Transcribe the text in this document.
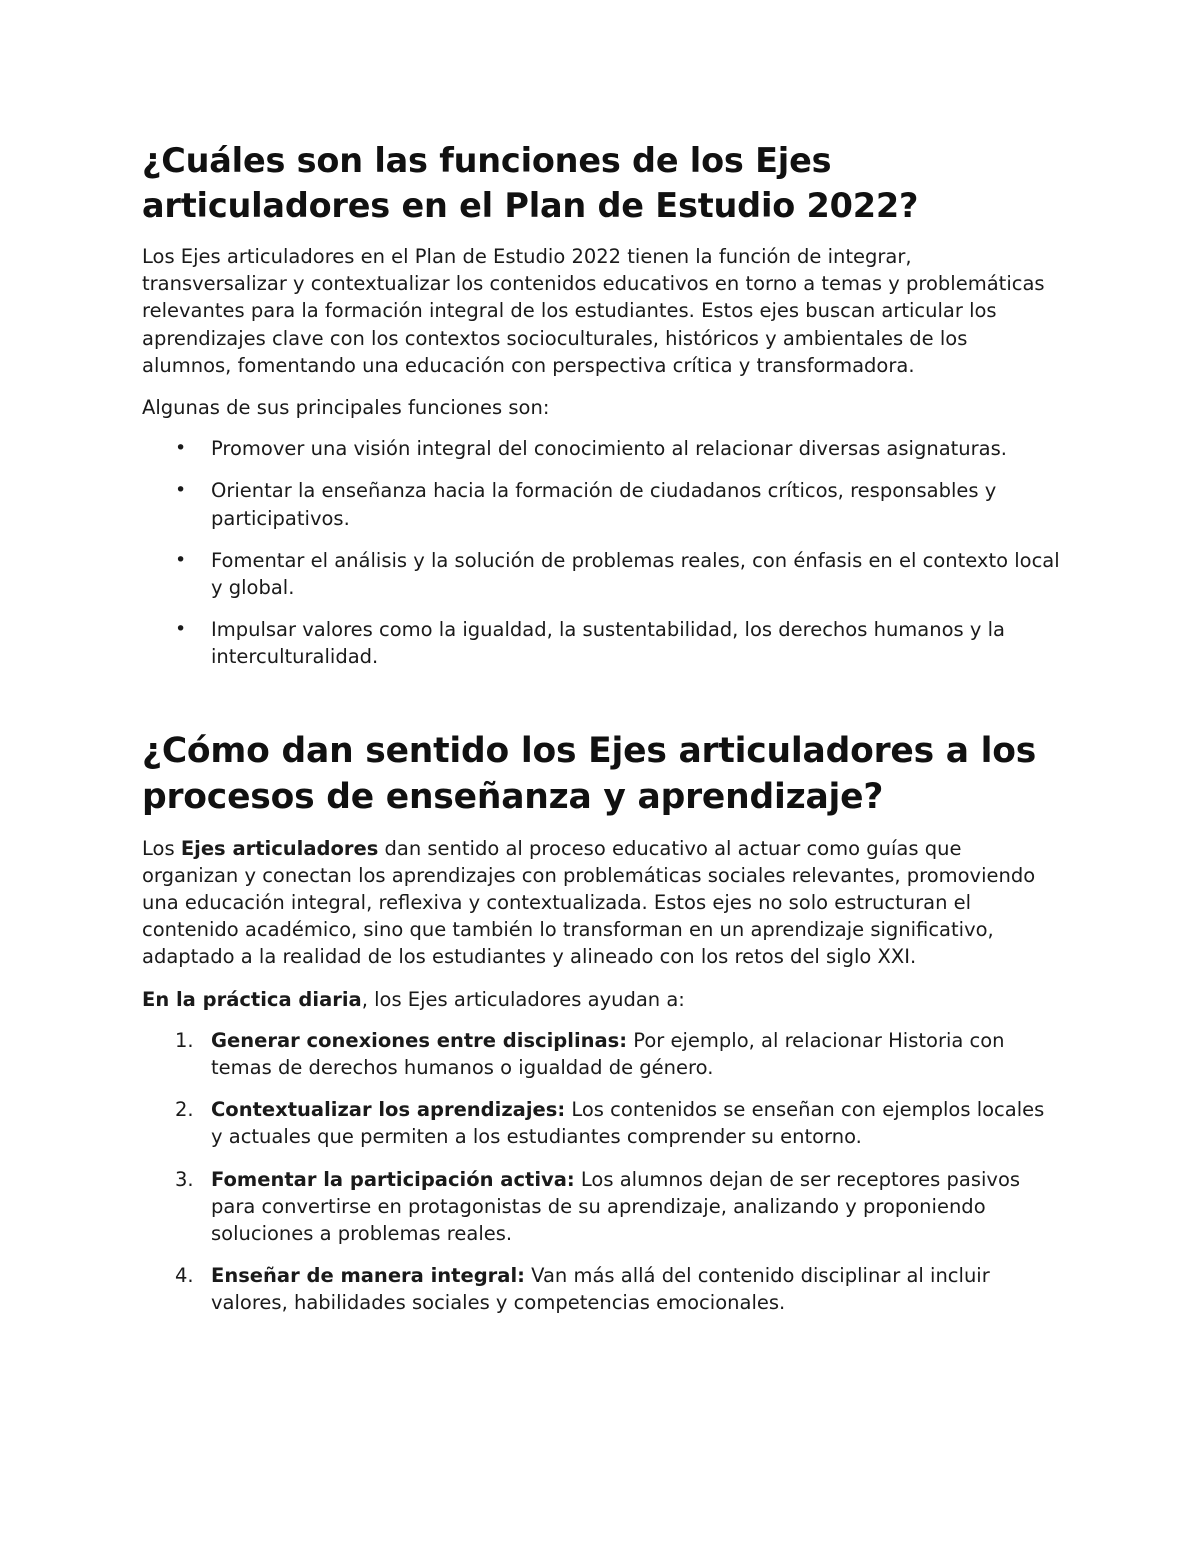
¿Cuáles son las funciones de los Ejes articuladores en el Plan de Estudio 2022?

Los Ejes articuladores en el Plan de Estudio 2022 tienen la función de integrar, transversalizar y contextualizar los contenidos educativos en torno a temas y problemáticas relevantes para la formación integral de los estudiantes. Estos ejes buscan articular los aprendizajes clave con los contextos socioculturales, históricos y ambientales de los alumnos, fomentando una educación con perspectiva crítica y transformadora.

Algunas de sus principales funciones son:

• Promover una visión integral del conocimiento al relacionar diversas asignaturas.
• Orientar la enseñanza hacia la formación de ciudadanos críticos, responsables y participativos.
• Fomentar el análisis y la solución de problemas reales, con énfasis en el contexto local y global.
• Impulsar valores como la igualdad, la sustentabilidad, los derechos humanos y la interculturalidad.
¿Cómo dan sentido los Ejes articuladores a los procesos de enseñanza y aprendizaje?

Los Ejes articuladores dan sentido al proceso educativo al actuar como guías que organizan y conectan los aprendizajes con problemáticas sociales relevantes, promoviendo una educación integral, reflexiva y contextualizada. Estos ejes no solo estructuran el contenido académico, sino que también lo transforman en un aprendizaje significativo, adaptado a la realidad de los estudiantes y alineado con los retos del siglo XXI.

En la práctica diaria, los Ejes articuladores ayudan a:

1. Generar conexiones entre disciplinas: Por ejemplo, al relacionar Historia con temas de derechos humanos o igualdad de género.
2. Contextualizar los aprendizajes: Los contenidos se enseñan con ejemplos locales y actuales que permiten a los estudiantes comprender su entorno.
3. Fomentar la participación activa: Los alumnos dejan de ser receptores pasivos para convertirse en protagonistas de su aprendizaje, analizando y proponiendo soluciones a problemas reales.
4. Enseñar de manera integral: Van más allá del contenido disciplinar al incluir valores, habilidades sociales y competencias emocionales.
